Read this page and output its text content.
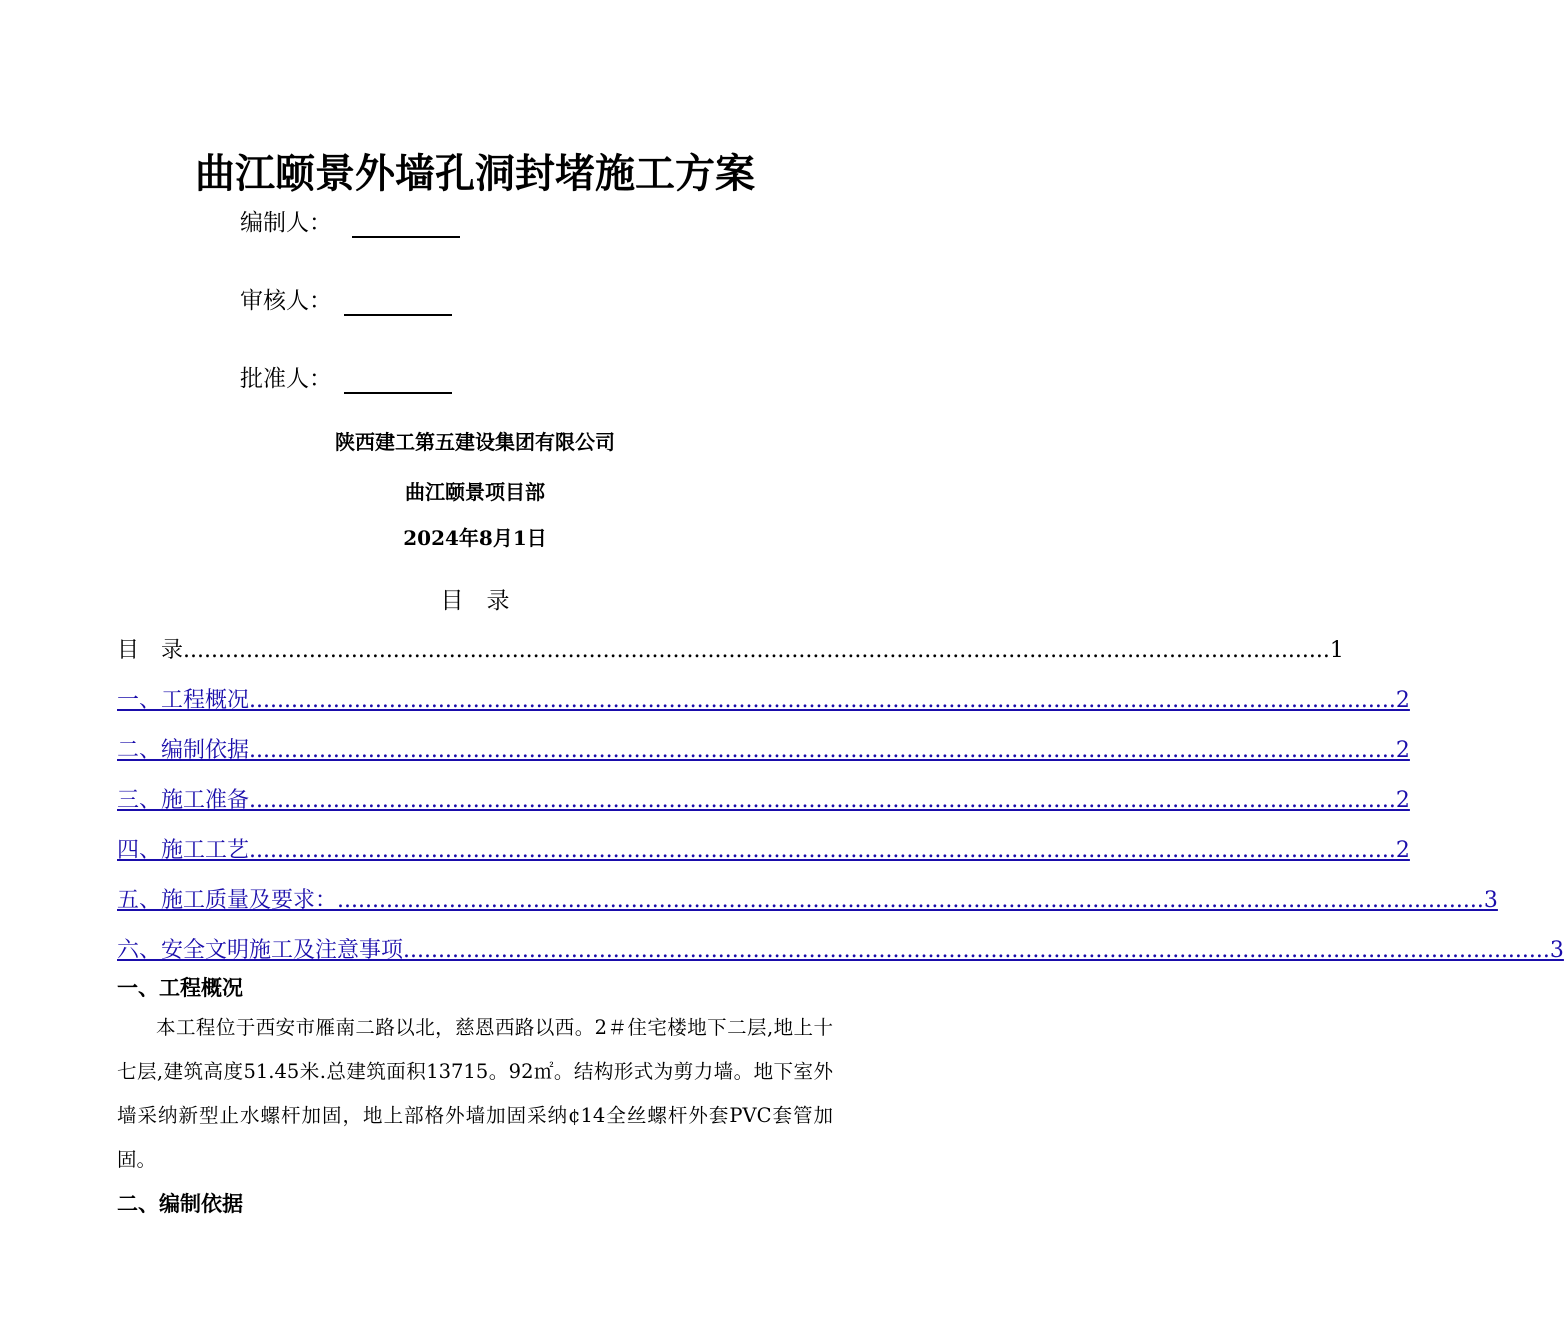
曲江颐景外墙孔洞封堵施工方案
编制人：
审核人：
批准人：
陕西建工第五建设集团有限公司
曲江颐景项目部
2024年8月1日
目　录
目　录 .................................................................................................................................................................... 1
一、工程概况 .................................................................................................................................................................... 2
二、编制依据 .................................................................................................................................................................... 2
三、施工准备 .................................................................................................................................................................... 2
四、施工工艺 .................................................................................................................................................................... 2
五、施工质量及要求： .................................................................................................................................................................... 3
六、安全文明施工及注意事项 .................................................................................................................................................................... 3
一、工程概况
本工程位于西安市雁南二路以北，慈恩西路以西。2＃住宅楼地下二层,地上十七层,建筑高度51.45米.总建筑面积13715。92㎡。结构形式为剪力墙。地下室外墙采纳新型止水螺杆加固，地上部格外墙加固采纳¢14全丝螺杆外套PVC套管加固。
二、编制依据
